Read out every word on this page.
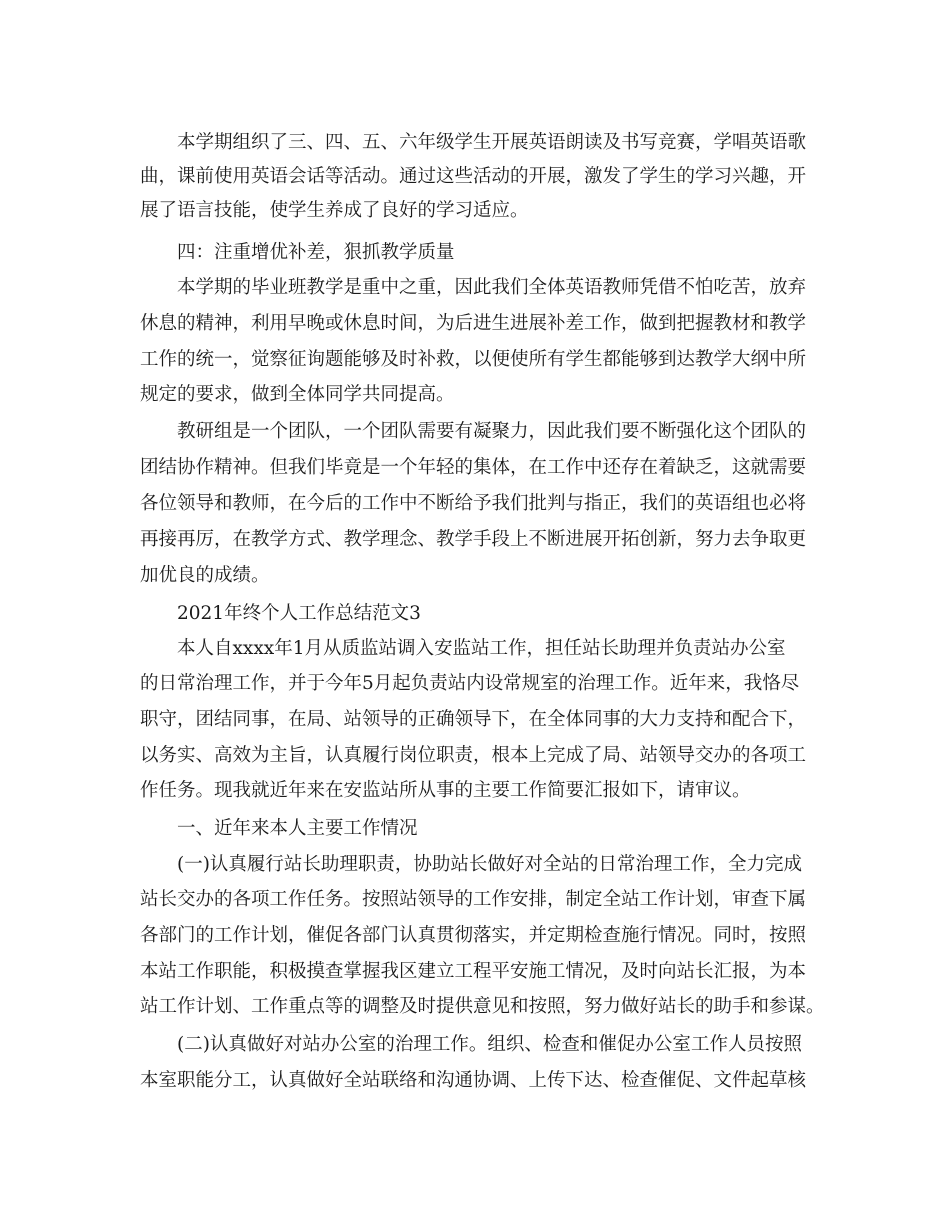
本学期组织了三、四、五、六年级学生开展英语朗读及书写竞赛，学唱英语歌
曲，课前使用英语会话等活动。通过这些活动的开展，激发了学生的学习兴趣，开
展了语言技能，使学生养成了良好的学习适应。
四：注重增优补差，狠抓教学质量
本学期的毕业班教学是重中之重，因此我们全体英语教师凭借不怕吃苦，放弃
休息的精神，利用早晚或休息时间，为后进生进展补差工作，做到把握教材和教学
工作的统一，觉察征询题能够及时补救，以便使所有学生都能够到达教学大纲中所
规定的要求，做到全体同学共同提高。
教研组是一个团队，一个团队需要有凝聚力，因此我们要不断强化这个团队的
团结协作精神。但我们毕竟是一个年轻的集体，在工作中还存在着缺乏，这就需要
各位领导和教师，在今后的工作中不断给予我们批判与指正，我们的英语组也必将
再接再厉，在教学方式、教学理念、教学手段上不断进展开拓创新，努力去争取更
加优良的成绩。
2021年终个人工作总结范文3
本人自xxxx年1月从质监站调入安监站工作，担任站长助理并负责站办公室
的日常治理工作，并于今年5月起负责站内设常规室的治理工作。近年来，我恪尽
职守，团结同事，在局、站领导的正确领导下，在全体同事的大力支持和配合下，
以务实、高效为主旨，认真履行岗位职责，根本上完成了局、站领导交办的各项工
作任务。现我就近年来在安监站所从事的主要工作简要汇报如下，请审议。
一、近年来本人主要工作情况
(一)认真履行站长助理职责，协助站长做好对全站的日常治理工作，全力完成
站长交办的各项工作任务。按照站领导的工作安排，制定全站工作计划，审查下属
各部门的工作计划，催促各部门认真贯彻落实，并定期检查施行情况。同时，按照
本站工作职能，积极摸查掌握我区建立工程平安施工情况，及时向站长汇报，为本
站工作计划、工作重点等的调整及时提供意见和按照，努力做好站长的助手和参谋。
(二)认真做好对站办公室的治理工作。组织、检查和催促办公室工作人员按照
本室职能分工，认真做好全站联络和沟通协调、上传下达、检查催促、文件起草核
